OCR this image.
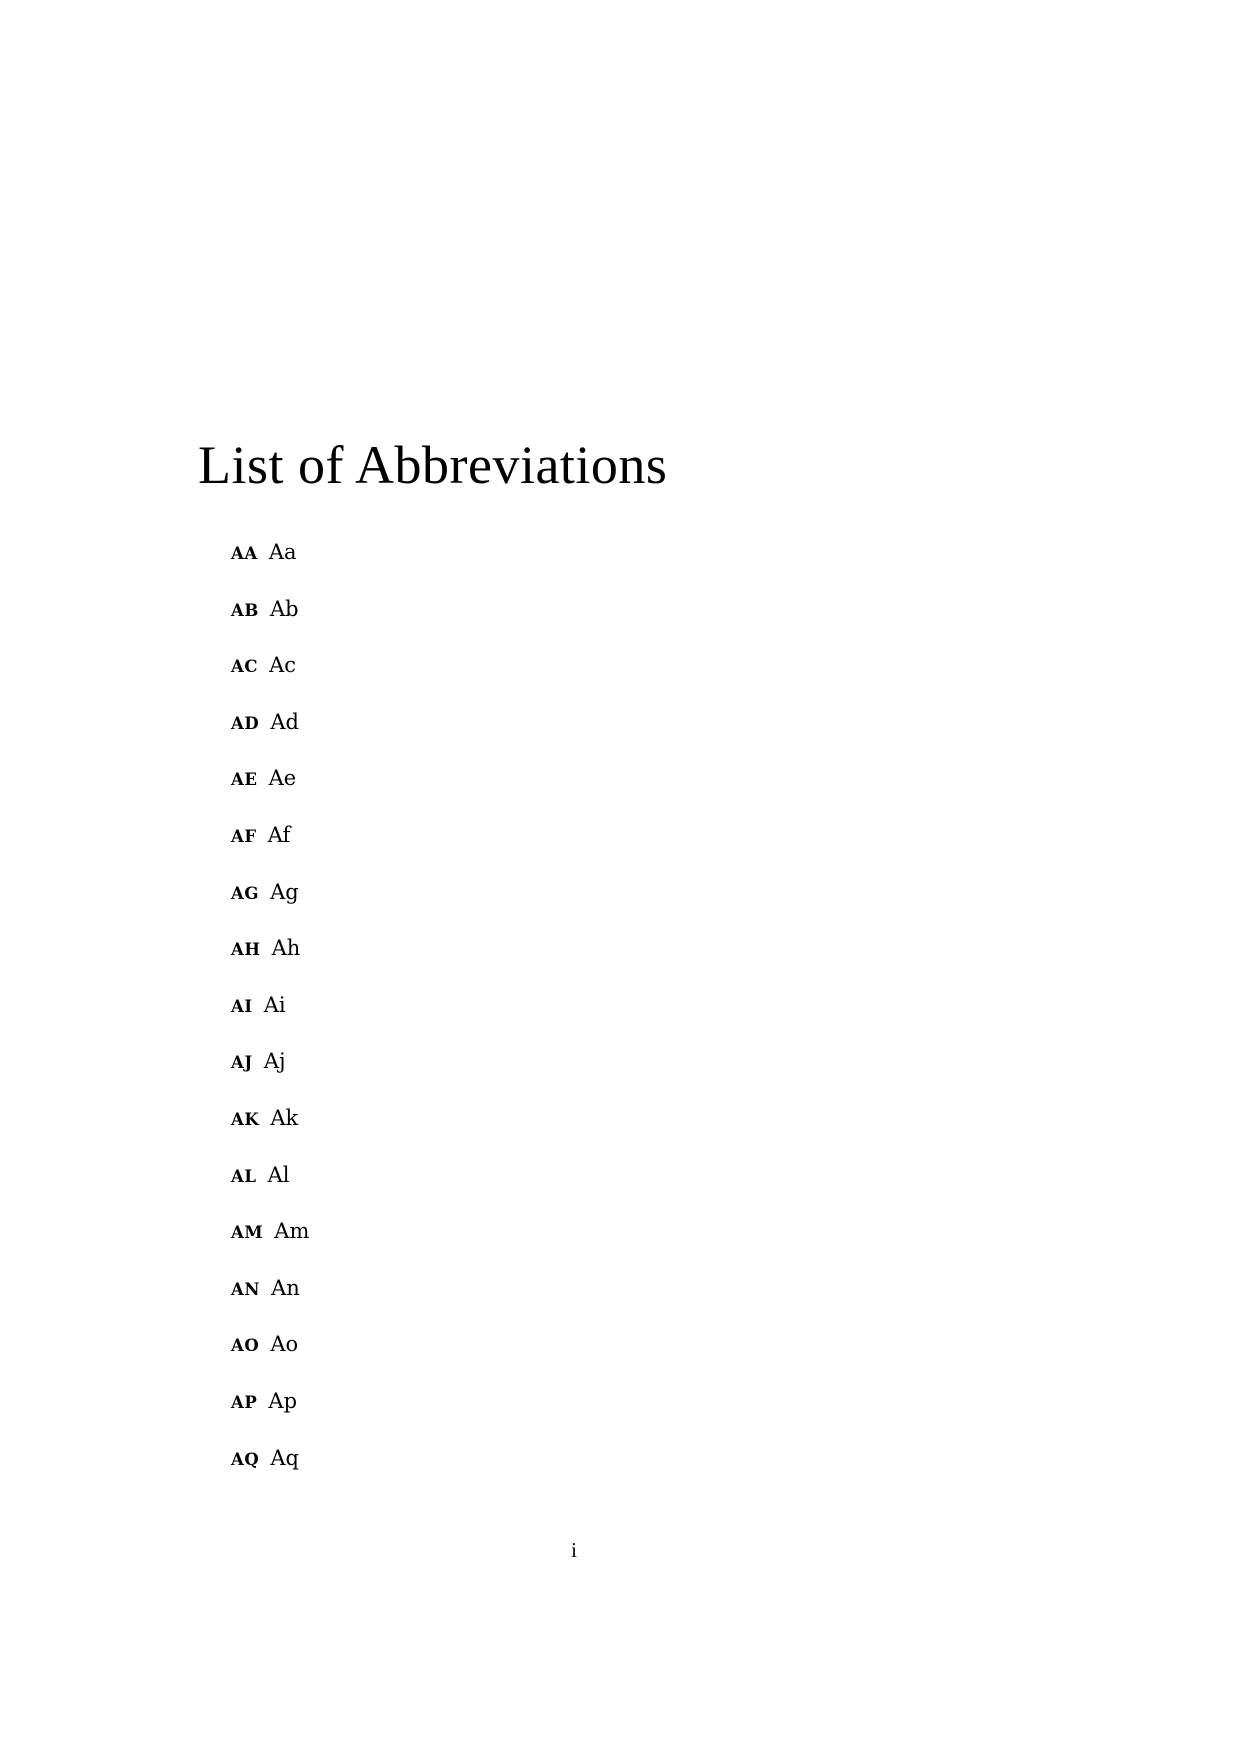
List of Abbreviations
AA Aa
AB Ab
AC Ac
AD Ad
AE Ae
AF Af
AG Ag
AH Ah
AI Ai
AJ Aj
AK Ak
AL Al
AM Am
AN An
AO Ao
AP Ap
AQ Aq
i
